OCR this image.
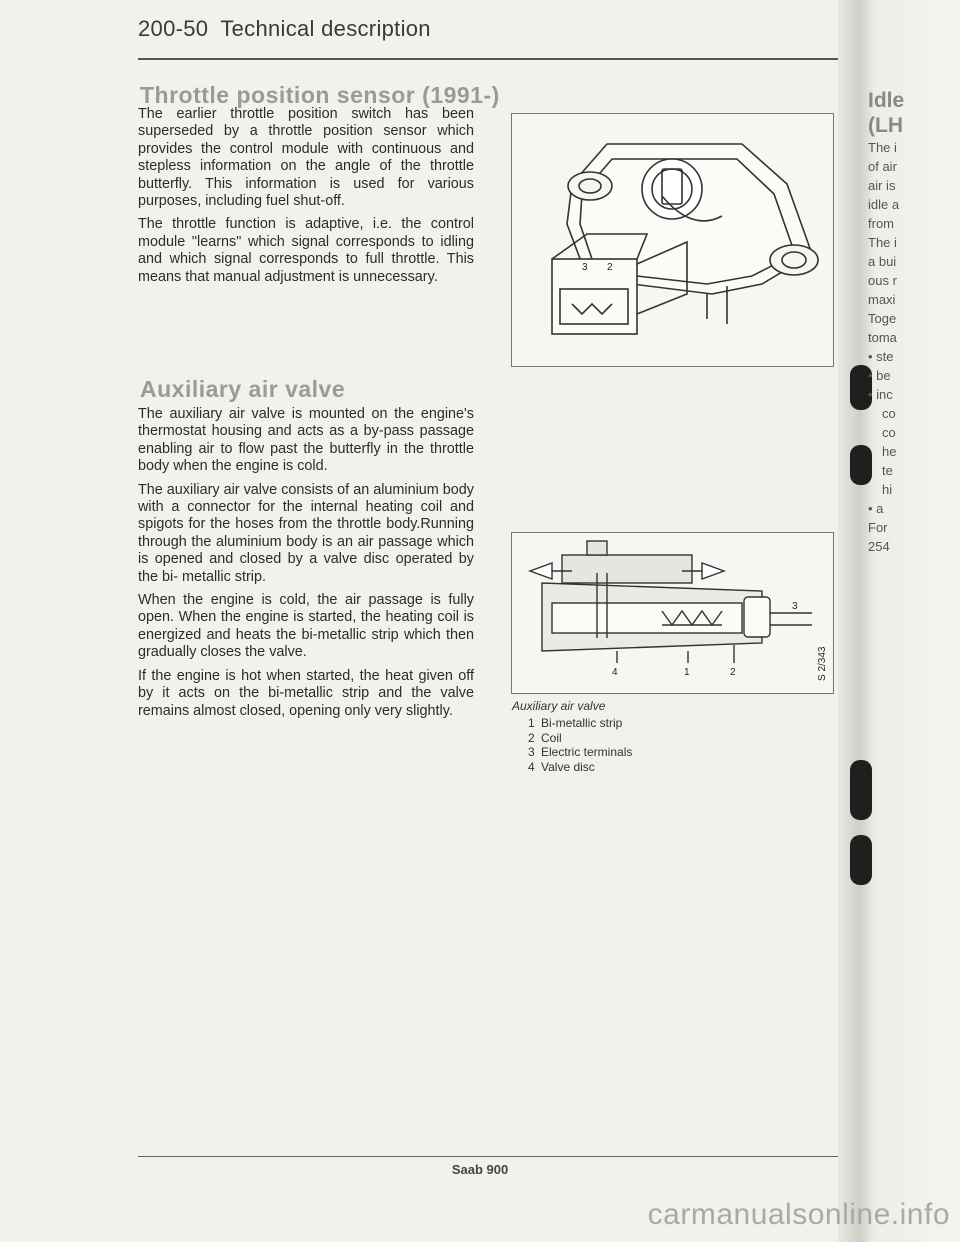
200-50 Technical description
Throttle position sensor (1991-)

The earlier throttle position switch has been superseded by a throttle position sensor which provides the control module with continuous and stepless information on the angle of the throttle butterfly. This information is used for various purposes, including fuel shut-off.

The throttle function is adaptive, i.e. the control module "learns" which signal corresponds to idling and which signal corresponds to full throttle. This means that manual adjustment is unnecessary.

3 2
Auxiliary air valve

The auxiliary air valve is mounted on the engine's thermostat housing and acts as a by-pass passage enabling air to flow past the butterfly in the throttle body when the engine is cold.

The auxiliary air valve consists of an aluminium body with a connector for the internal heating coil and spigots for the hoses from the throttle body.Running through the aluminium body is an air passage which is opened and closed by a valve disc operated by the bi- metallic strip.

When the engine is cold, the air passage is fully open. When the engine is started, the heating coil is energized and heats the bi-metallic strip which then gradually closes the valve.

If the engine is hot when started, the heat given off by it acts on the bi-metallic strip and the valve remains almost closed, opening only very slightly.

3
4	1	2	S 2/343
Auxiliary air valve
1 Bi-metallic strip
2 Coil
3 Electric terminals
4 Valve disc
Idle
(LH
The i
of air
air is
idle a
from
The i
a bui
ous r
maxi
Toge
toma
• ste
• be
• inc
co
co
he
te
hi
• a
For
254
Saab 900
carmanualsonline.info
